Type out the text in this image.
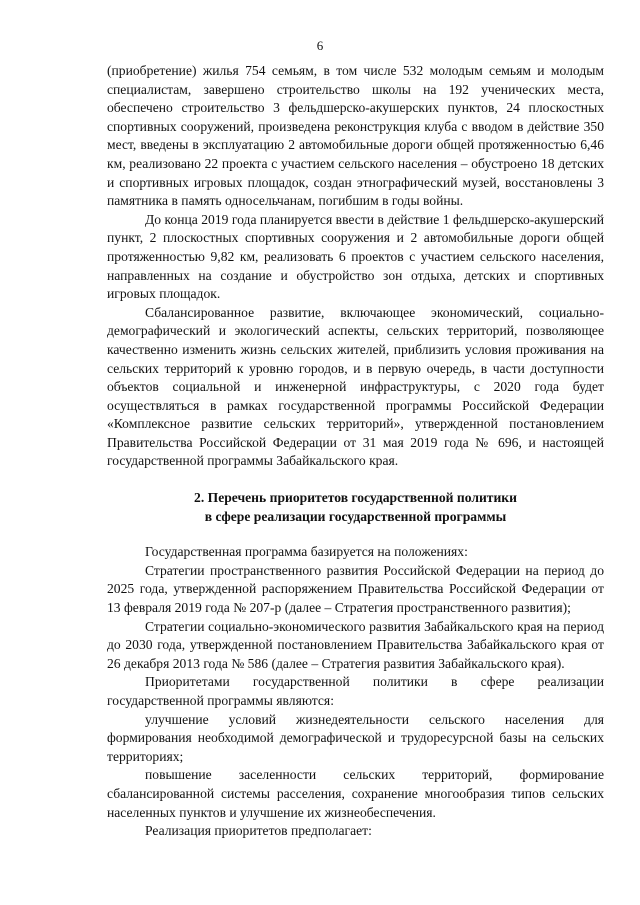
6

(приобретение) жилья 754 семьям, в том числе 532 молодым семьям и молодым специалистам, завершено строительство школы на 192 ученических места, обеспечено строительство 3 фельдшерско-акушерских пунктов, 24 плоскостных спортивных сооружений, произведена реконструкция клуба с вводом в действие 350 мест, введены в эксплуатацию 2 автомобильные дороги общей протяженностью 6,46 км, реализовано 22 проекта с участием сельского населения – обустроено 18 детских и спортивных игровых площадок, создан этнографический музей, восстановлены 3 памятника в память односельчанам, погибшим в годы войны.

До конца 2019 года планируется ввести в действие 1 фельдшерско-акушерский пункт, 2 плоскостных спортивных сооружения и 2 автомобильные дороги общей протяженностью 9,82 км, реализовать 6 проектов с участием сельского населения, направленных на создание и обустройство зон отдыха, детских и спортивных игровых площадок.

Сбалансированное развитие, включающее экономический, социально-демографический и экологический аспекты, сельских территорий, позволяющее качественно изменить жизнь сельских жителей, приблизить условия проживания на сельских территорий к уровню городов, и в первую очередь, в части доступности объектов социальной и инженерной инфраструктуры, с 2020 года будет осуществляться в рамках государственной программы Российской Федерации «Комплексное развитие сельских территорий», утвержденной постановлением Правительства Российской Федерации от 31 мая 2019 года № 696, и настоящей государственной программы Забайкальского края.

2. Перечень приоритетов государственной политики
в сфере реализации государственной программы

Государственная программа базируется на положениях:

Стратегии пространственного развития Российской Федерации на период до 2025 года, утвержденной распоряжением Правительства Российской Федерации от 13 февраля 2019 года № 207-р (далее – Стратегия пространственного развития);

Стратегии социально-экономического развития Забайкальского края на период до 2030 года, утвержденной постановлением Правительства Забайкальского края от 26 декабря 2013 года № 586 (далее – Стратегия развития Забайкальского края).

Приоритетами государственной политики в сфере реализации государственной программы являются:

улучшение условий жизнедеятельности сельского населения для формирования необходимой демографической и трудоресурсной базы на сельских территориях;

повышение заселенности сельских территорий, формирование сбалансированной системы расселения, сохранение многообразия типов сельских населенных пунктов и улучшение их жизнеобеспечения.

Реализация приоритетов предполагает:
